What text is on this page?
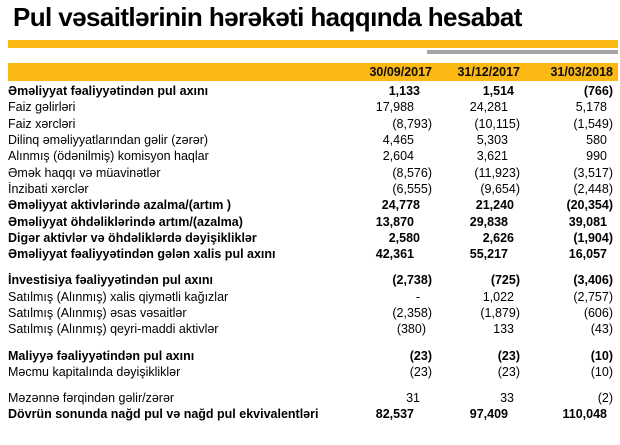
Pul vəsaitlərinin hərəkəti haqqında hesabat
30/09/2017	31/12/2017	31/03/2018
Əməliyyat fəaliyyətindən pul axını	1,133	1,514	(766)
Faiz gəlirləri	17,988	24,281	5,178
Faiz xərcləri	(8,793)	(10,115)	(1,549)
Dilinq əməliyyatlarından gəlir (zərər)	4,465	5,303	580
Alınmış (ödənilmiş) komisyon haqlar	2,604	3,621	990
Əmək haqqı və müavinətlər	(8,576)	(11,923)	(3,517)
İnzibati xərclər	(6,555)	(9,654)	(2,448)
Əməliyyat aktivlərində azalma/(artım )	24,778	21,240	(20,354)
Əməliyyat öhdəliklərində artım/(azalma)	13,870	29,838	39,081
Digər aktivlər və öhdəliklərdə dəyişikliklər	2,580	2,626	(1,904)
Əməliyyat fəaliyyətindən gələn xalis pul axını	42,361	55,217	16,057
İnvestisiya fəaliyyətindən pul axını	(2,738)	(725)	(3,406)
Satılmış (Alınmış) xalis qiymətli kağızlar	-	1,022	(2,757)
Satılmış (Alınmış) əsas vəsaitlər	(2,358)	(1,879)	(606)
Satılmış (Alınmış) qeyri-maddi aktivlər	(380)	133	(43)
Maliyyə fəaliyyətindən pul axını	(23)	(23)	(10)
Məcmu kapitalında dəyişikliklər	(23)	(23)	(10)
Məzənnə fərqindən gəlir/zərər	31	33	(2)
Dövrün sonunda nağd pul və nağd pul ekvivalentləri	82,537	97,409	110,048
